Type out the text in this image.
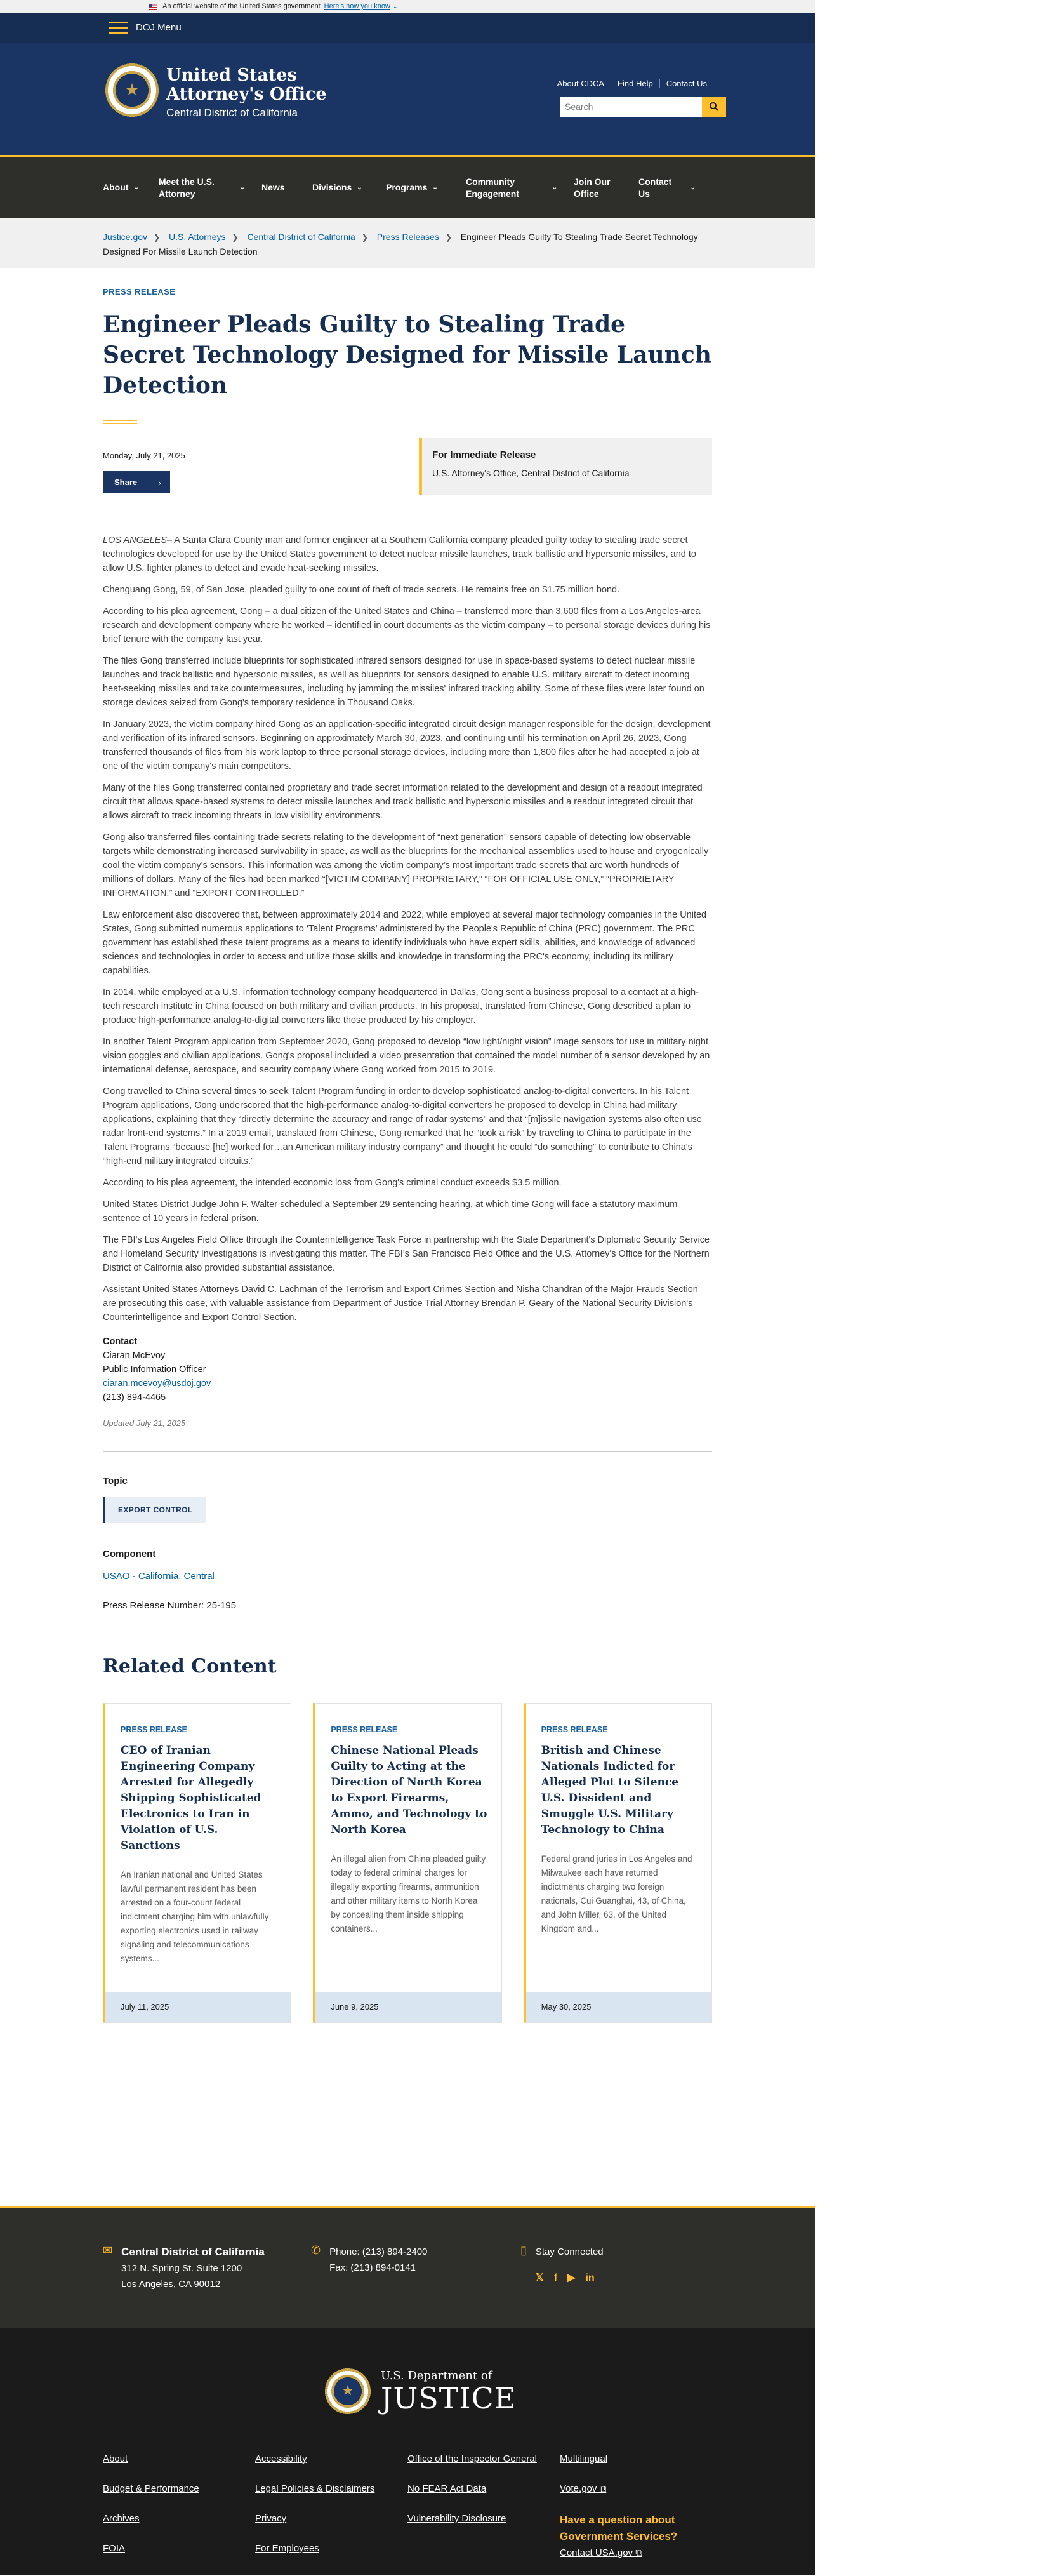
An official website of the United States government Here's how you know ⌄
DOJ Menu
★
United States
Attorney's Office
Central District of California
About CDCA	Find Help	Contact Us
Search
About ⌄
Meet the U.S. Attorney
⌄ News	Divisions ⌄	Programs ⌄
Community Engagement
⌄
Join Our Office
Contact Us
⌄
Justice.gov ❯ U.S. Attorneys ❯ Central District of California ❯ Press Releases ❯ Engineer Pleads Guilty To Stealing Trade Secret Technology Designed For Missile Launch Detection
PRESS RELEASE
Engineer Pleads Guilty to Stealing Trade Secret Technology Designed for Missile Launch Detection
Monday, July 21, 2025
Share	›
For Immediate Release
U.S. Attorney's Office, Central District of California

LOS ANGELES– A Santa Clara County man and former engineer at a Southern California company pleaded guilty today to stealing trade secret technologies developed for use by the United States government to detect nuclear missile launches, track ballistic and hypersonic missiles, and to allow U.S. fighter planes to detect and evade heat-seeking missiles.

Chenguang Gong, 59, of San Jose, pleaded guilty to one count of theft of trade secrets. He remains free on $1.75 million bond.

According to his plea agreement, Gong – a dual citizen of the United States and China – transferred more than 3,600 files from a Los Angeles-area research and development company where he worked – identified in court documents as the victim company – to personal storage devices during his brief tenure with the company last year.

The files Gong transferred include blueprints for sophisticated infrared sensors designed for use in space-based systems to detect nuclear missile launches and track ballistic and hypersonic missiles, as well as blueprints for sensors designed to enable U.S. military aircraft to detect incoming heat-seeking missiles and take countermeasures, including by jamming the missiles' infrared tracking ability. Some of these files were later found on storage devices seized from Gong's temporary residence in Thousand Oaks.

In January 2023, the victim company hired Gong as an application-specific integrated circuit design manager responsible for the design, development and verification of its infrared sensors. Beginning on approximately March 30, 2023, and continuing until his termination on April 26, 2023, Gong transferred thousands of files from his work laptop to three personal storage devices, including more than 1,800 files after he had accepted a job at one of the victim company's main competitors.

Many of the files Gong transferred contained proprietary and trade secret information related to the development and design of a readout integrated circuit that allows space-based systems to detect missile launches and track ballistic and hypersonic missiles and a readout integrated circuit that allows aircraft to track incoming threats in low visibility environments.

Gong also transferred files containing trade secrets relating to the development of “next generation” sensors capable of detecting low observable targets while demonstrating increased survivability in space, as well as the blueprints for the mechanical assemblies used to house and cryogenically cool the victim company's sensors. This information was among the victim company's most important trade secrets that are worth hundreds of millions of dollars. Many of the files had been marked “[VICTIM COMPANY] PROPRIETARY,” “FOR OFFICIAL USE ONLY,” “PROPRIETARY INFORMATION,” and “EXPORT CONTROLLED.”

Law enforcement also discovered that, between approximately 2014 and 2022, while employed at several major technology companies in the United States, Gong submitted numerous applications to ‘Talent Programs’ administered by the People's Republic of China (PRC) government. The PRC government has established these talent programs as a means to identify individuals who have expert skills, abilities, and knowledge of advanced sciences and technologies in order to access and utilize those skills and knowledge in transforming the PRC's economy, including its military capabilities.

In 2014, while employed at a U.S. information technology company headquartered in Dallas, Gong sent a business proposal to a contact at a high-tech research institute in China focused on both military and civilian products. In his proposal, translated from Chinese, Gong described a plan to produce high-performance analog-to-digital converters like those produced by his employer.

In another Talent Program application from September 2020, Gong proposed to develop “low light/night vision” image sensors for use in military night vision goggles and civilian applications. Gong's proposal included a video presentation that contained the model number of a sensor developed by an international defense, aerospace, and security company where Gong worked from 2015 to 2019.

Gong travelled to China several times to seek Talent Program funding in order to develop sophisticated analog-to-digital converters. In his Talent Program applications, Gong underscored that the high-performance analog-to-digital converters he proposed to develop in China had military applications, explaining that they “directly determine the accuracy and range of radar systems” and that “[m]issile navigation systems also often use radar front-end systems.” In a 2019 email, translated from Chinese, Gong remarked that he “took a risk” by traveling to China to participate in the Talent Programs “because [he] worked for…an American military industry company” and thought he could “do something” to contribute to China's “high-end military integrated circuits.”

According to his plea agreement, the intended economic loss from Gong's criminal conduct exceeds $3.5 million.

United States District Judge John F. Walter scheduled a September 29 sentencing hearing, at which time Gong will face a statutory maximum sentence of 10 years in federal prison.

The FBI's Los Angeles Field Office through the Counterintelligence Task Force in partnership with the State Department's Diplomatic Security Service and Homeland Security Investigations is investigating this matter. The FBI's San Francisco Field Office and the U.S. Attorney's Office for the Northern District of California also provided substantial assistance.

Assistant United States Attorneys David C. Lachman of the Terrorism and Export Crimes Section and Nisha Chandran of the Major Frauds Section are prosecuting this case, with valuable assistance from Department of Justice Trial Attorney Brendan P. Geary of the National Security Division's Counterintelligence and Export Control Section.

Contact
Ciaran McEvoy
Public Information Officer
ciaran.mcevoy@usdoj.gov
(213) 894-4465
Updated July 21, 2025
Topic
EXPORT CONTROL
Component
USAO - California, Central
Press Release Number: 25-195
Related Content
PRESS RELEASE
CEO of Iranian Engineering Company Arrested for Allegedly Shipping Sophisticated Electronics to Iran in Violation of U.S. Sanctions
An Iranian national and United States lawful permanent resident has been arrested on a four-count federal indictment charging him with unlawfully exporting electronics used in railway signaling and telecommunications systems...
July 11, 2025
PRESS RELEASE
Chinese National Pleads Guilty to Acting at the Direction of North Korea to Export Firearms, Ammo, and Technology to North Korea
An illegal alien from China pleaded guilty today to federal criminal charges for illegally exporting firearms, ammunition and other military items to North Korea by concealing them inside shipping containers...
June 9, 2025
PRESS RELEASE
British and Chinese Nationals Indicted for Alleged Plot to Silence U.S. Dissident and Smuggle U.S. Military Technology to China
Federal grand juries in Los Angeles and Milwaukee each have returned indictments charging two foreign nationals, Cui Guanghai, 43, of China, and John Miller, 63, of the United Kingdom and...
May 30, 2025
✉ Central District of California
312 N. Spring St. Suite 1200
Los Angeles, CA 90012
✆ Phone: (213) 894-2400
Fax: (213) 894-0141
▯ Stay Connected
𝕏 f ▶ in
★
U.S. Department of
JUSTICE
About
Budget & Performance
Archives
FOIA
Accessibility
Legal Policies & Disclaimers
Privacy
For Employees
Office of the Inspector General
No FEAR Act Data
Vulnerability Disclosure
Multilingual
Vote.gov ⧉
Have a question about Government Services?
Contact USA.gov ⧉
